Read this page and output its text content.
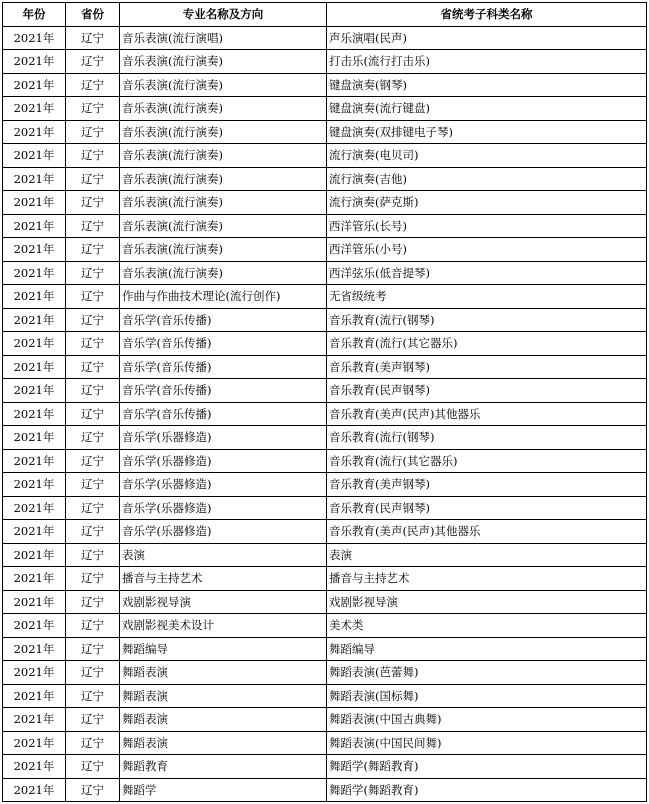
年份	省份	专业名称及方向	省统考子科类名称
2021年	辽宁	音乐表演(流行演唱)	声乐演唱(民声)
2021年	辽宁	音乐表演(流行演奏)	打击乐(流行打击乐)
2021年	辽宁	音乐表演(流行演奏)	键盘演奏(钢琴)
2021年	辽宁	音乐表演(流行演奏)	键盘演奏(流行键盘)
2021年	辽宁	音乐表演(流行演奏)	键盘演奏(双排键电子琴)
2021年	辽宁	音乐表演(流行演奏)	流行演奏(电贝司)
2021年	辽宁	音乐表演(流行演奏)	流行演奏(吉他)
2021年	辽宁	音乐表演(流行演奏)	流行演奏(萨克斯)
2021年	辽宁	音乐表演(流行演奏)	西洋管乐(长号)
2021年	辽宁	音乐表演(流行演奏)	西洋管乐(小号)
2021年	辽宁	音乐表演(流行演奏)	西洋弦乐(低音提琴)
2021年	辽宁	作曲与作曲技术理论(流行创作)	无省级统考
2021年	辽宁	音乐学(音乐传播)	音乐教育(流行(钢琴)
2021年	辽宁	音乐学(音乐传播)	音乐教育(流行(其它器乐)
2021年	辽宁	音乐学(音乐传播)	音乐教育(美声钢琴)
2021年	辽宁	音乐学(音乐传播)	音乐教育(民声钢琴)
2021年	辽宁	音乐学(音乐传播)	音乐教育(美声(民声)其他器乐
2021年	辽宁	音乐学(乐器修造)	音乐教育(流行(钢琴)
2021年	辽宁	音乐学(乐器修造)	音乐教育(流行(其它器乐)
2021年	辽宁	音乐学(乐器修造)	音乐教育(美声钢琴)
2021年	辽宁	音乐学(乐器修造)	音乐教育(民声钢琴)
2021年	辽宁	音乐学(乐器修造)	音乐教育(美声(民声)其他器乐
2021年	辽宁	表演	表演
2021年	辽宁	播音与主持艺术	播音与主持艺术
2021年	辽宁	戏剧影视导演	戏剧影视导演
2021年	辽宁	戏剧影视美术设计	美术类
2021年	辽宁	舞蹈编导	舞蹈编导
2021年	辽宁	舞蹈表演	舞蹈表演(芭蕾舞)
2021年	辽宁	舞蹈表演	舞蹈表演(国标舞)
2021年	辽宁	舞蹈表演	舞蹈表演(中国古典舞)
2021年	辽宁	舞蹈表演	舞蹈表演(中国民间舞)
2021年	辽宁	舞蹈教育	舞蹈学(舞蹈教育)
2021年	辽宁	舞蹈学	舞蹈学(舞蹈教育)
